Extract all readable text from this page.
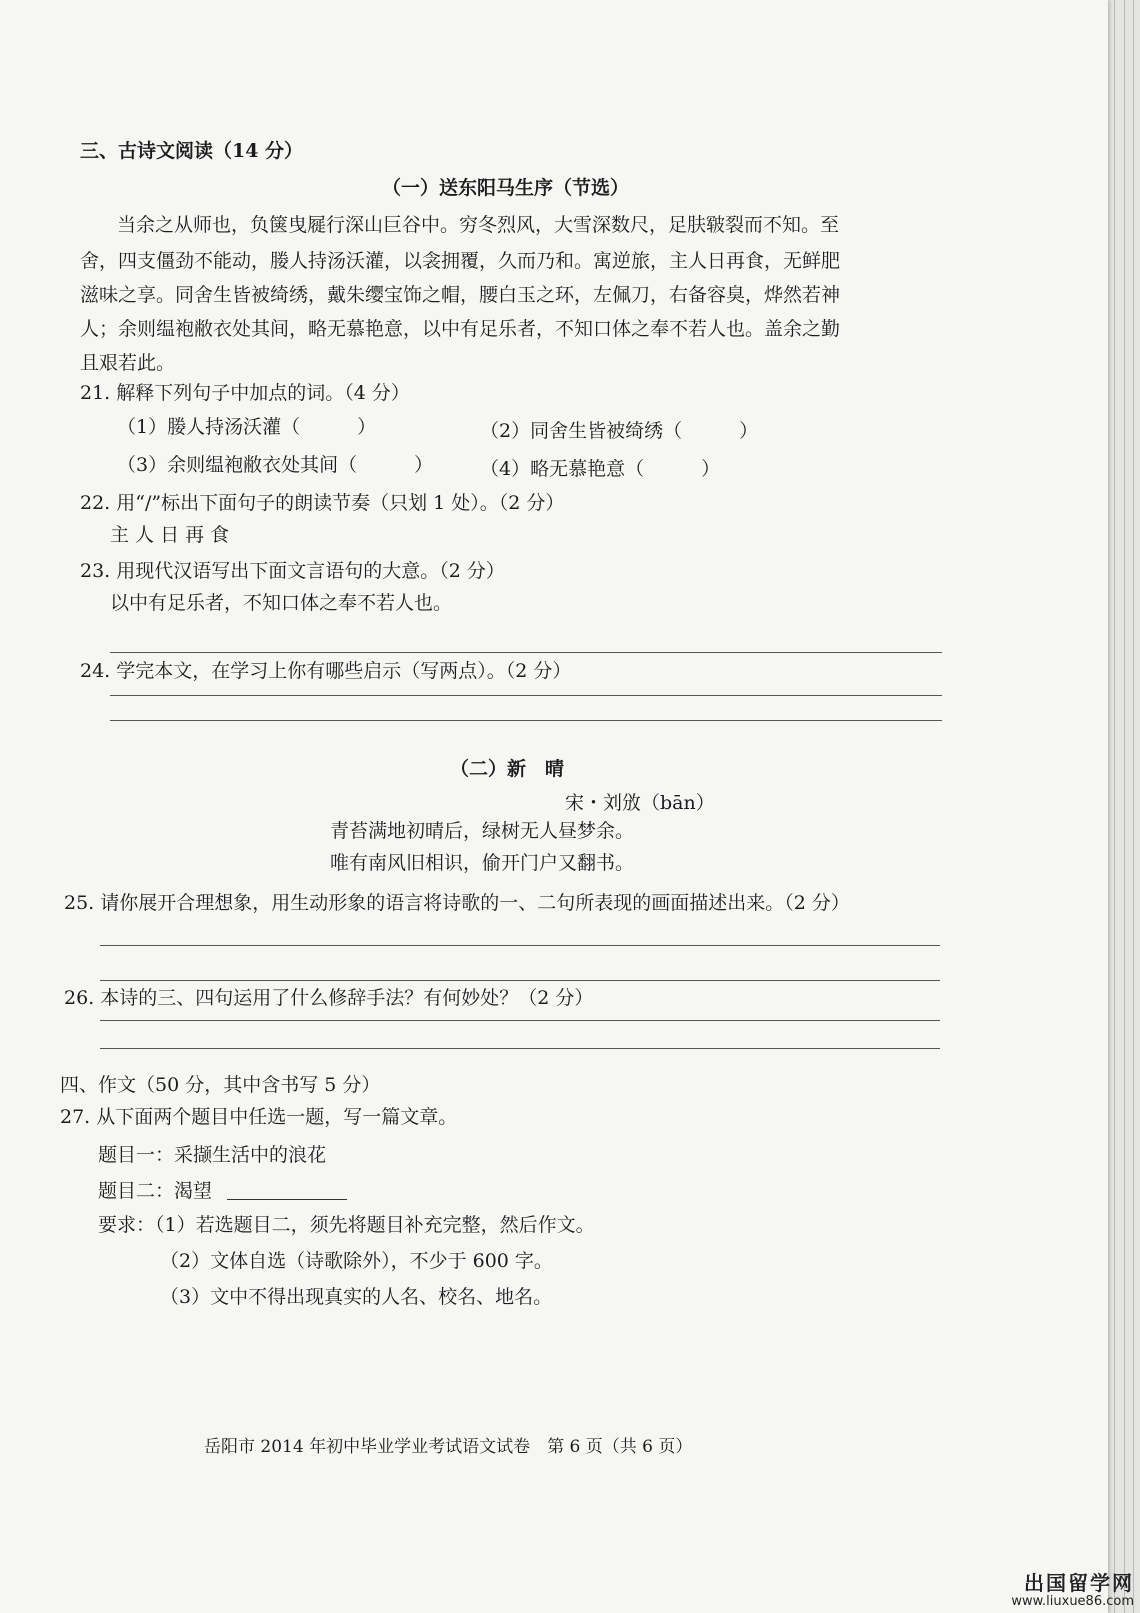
三、古诗文阅读（14 分）

（一）送东阳马生序（节选）

当余之从师也，负箧曳屣行深山巨谷中。穷冬烈风，大雪深数尺，足肤皲裂而不知。至

舍，四支僵劲不能动，媵人持汤沃灌，以衾拥覆，久而乃和。寓逆旅，主人日再食，无鲜肥

滋味之享。同舍生皆被绮绣，戴朱缨宝饰之帽，腰白玉之环，左佩刀，右备容臭，烨然若神

人；余则缊袍敝衣处其间，略无慕艳意，以中有足乐者，不知口体之奉不若人也。盖余之勤

且艰若此。

21. 解释下列句子中加点的词。（4 分）

（1）媵人持汤沃灌（　　　）	（2）同舍生皆被绮绣（　　　）

（3）余则缊袍敝衣处其间（　　　） （4）略无慕艳意（　　　）

22. 用“/”标出下面句子的朗读节奏（只划 1 处）。（2 分）

主 人 日 再 食

23. 用现代汉语写出下面文言语句的大意。（2 分）

以中有足乐者，不知口体之奉不若人也。

24. 学完本文，在学习上你有哪些启示（写两点）。（2 分）

（二）新　晴

宋・刘攽（bān）

青苔满地初晴后，绿树无人昼梦余。

唯有南风旧相识，偷开门户又翻书。

25. 请你展开合理想象，用生动形象的语言将诗歌的一、二句所表现的画面描述出来。（2 分）

26. 本诗的三、四句运用了什么修辞手法？有何妙处？（2 分）

四、作文（50 分，其中含书写 5 分）

27. 从下面两个题目中任选一题，写一篇文章。

题目一：采撷生活中的浪花

题目二：渴望

要求：（1）若选题目二，须先将题目补充完整，然后作文。

（2）文体自选（诗歌除外），不少于 600 字。

（3）文中不得出现真实的人名、校名、地名。

岳阳市 2014 年初中毕业学业考试语文试卷　第 6 页（共 6 页）

出国留学网
www.liuxue86.com
